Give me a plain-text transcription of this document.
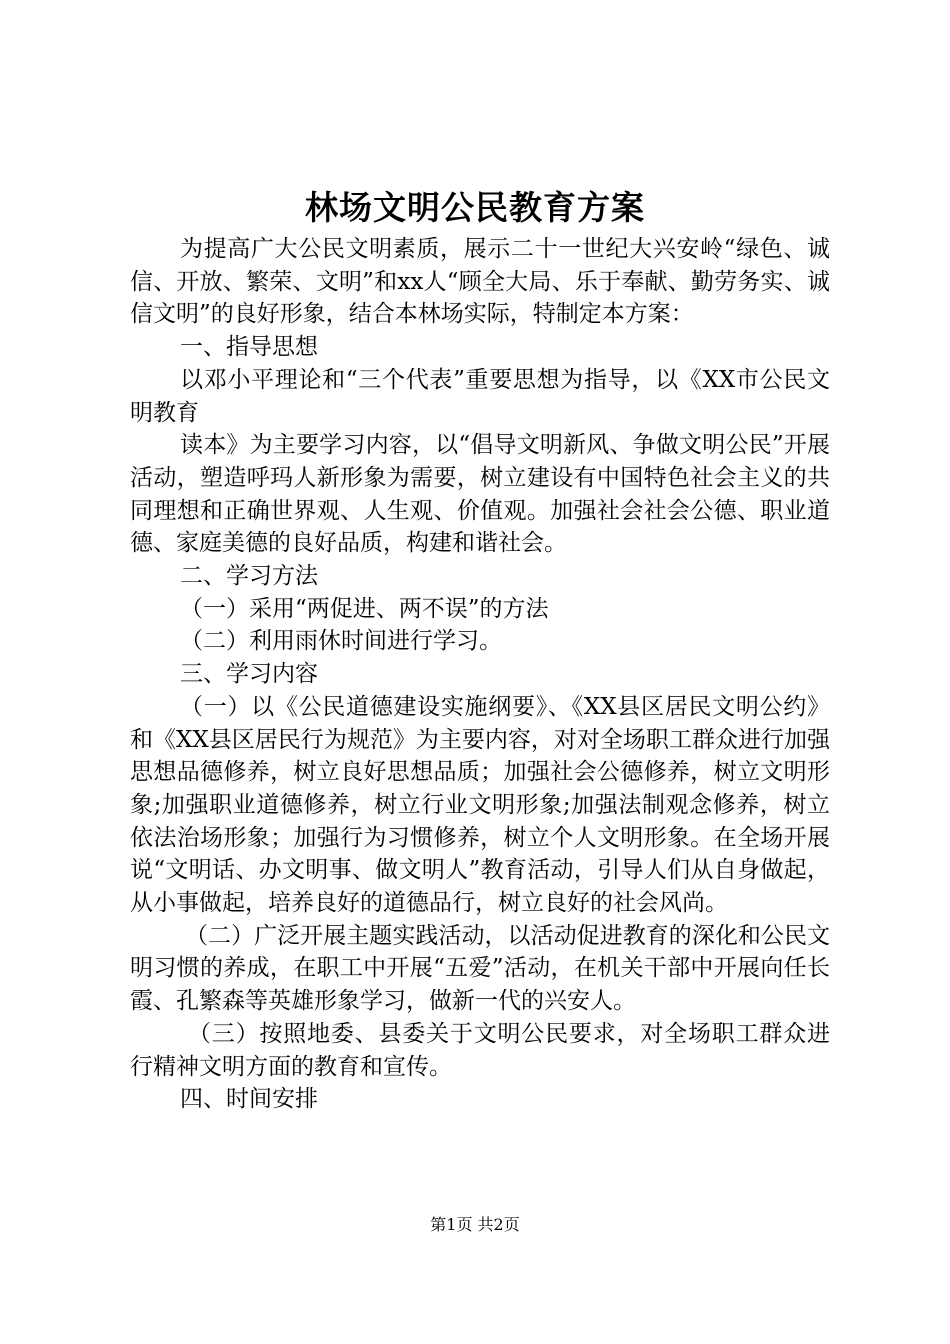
林场文明公民教育方案

为提高广大公民文明素质，展示二十一世纪大兴安岭“绿色、诚信、开放、繁荣、文明”和xx人“顾全大局、乐于奉献、勤劳务实、诚信文明”的良好形象，结合本林场实际，特制定本方案：

一、指导思想

以邓小平理论和“三个代表”重要思想为指导，以《XX市公民文明教育

读本》为主要学习内容，以“倡导文明新风、争做文明公民”开展活动，塑造呼玛人新形象为需要，树立建设有中国特色社会主义的共同理想和正确世界观、人生观、价值观。加强社会社会公德、职业道德、家庭美德的良好品质，构建和谐社会。

二、学习方法

（一）采用“两促进、两不误”的方法

（二）利用雨休时间进行学习。

三、学习内容

（一）以《公民道德建设实施纲要》、《XX县区居民文明公约》和《XX县区居民行为规范》为主要内容，对对全场职工群众进行加强思想品德修养，树立良好思想品质；加强社会公德修养，树立文明形象;加强职业道德修养，树立行业文明形象;加强法制观念修养，树立依法治场形象；加强行为习惯修养，树立个人文明形象。在全场开展说“文明话、办文明事、做文明人”教育活动，引导人们从自身做起，从小事做起，培养良好的道德品行，树立良好的社会风尚。

（二）广泛开展主题实践活动，以活动促进教育的深化和公民文明习惯的养成，在职工中开展“五爱”活动，在机关干部中开展向任长霞、孔繁森等英雄形象学习，做新一代的兴安人。

（三）按照地委、县委关于文明公民要求，对全场职工群众进行精神文明方面的教育和宣传。

四、时间安排

第1页 共2页
